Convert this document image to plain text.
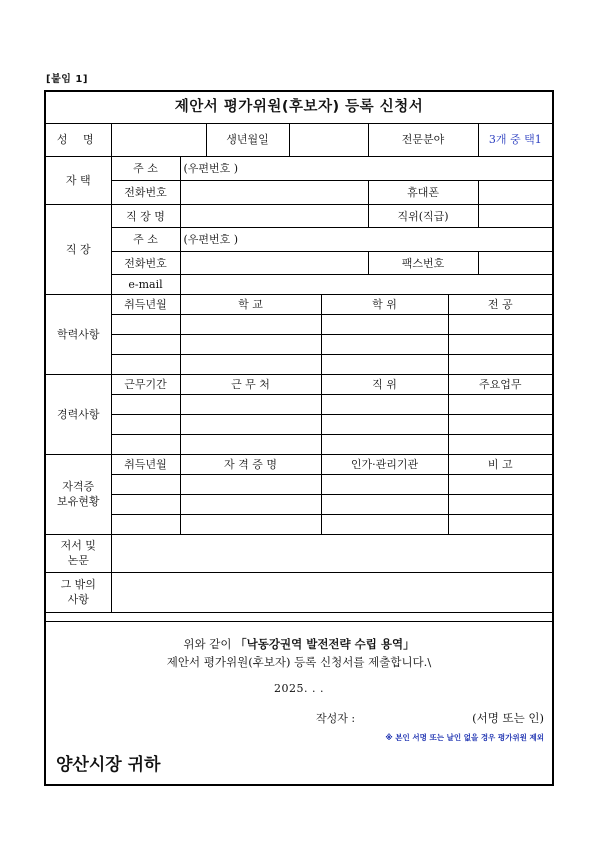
[붙임 1]
제안서 평가위원(후보자) 등록 신청서
성 명			생년월일			전문분야		3개 중 택1
자 택	주 소	(우편번호 )						
	전화번호					휴대폰		
직 장	직 장 명					직위(직급)		
	주 소	(우편번호 )						
	전화번호					팩스번호		
	e-mail							
학력사항	취득년월	학 교			학 위		전 공	

경력사항	근무기간	근 무 처			직 위		주요업무	

자격증
보유현황	취득년월	자 격 증 명			인가·관리기관		비 고	

저서 및
논문								
그 밖의
사항								
위와 같이 「낙동강권역 발전전략 수립 용역」
제안서 평가위원(후보자) 등록 신청서를 제출합니다.\
2025. . .
작성자 :	(서명 또는 인)
※ 본인 서명 또는 날인 없을 경우 평가위원 제외
양산시장 귀하
